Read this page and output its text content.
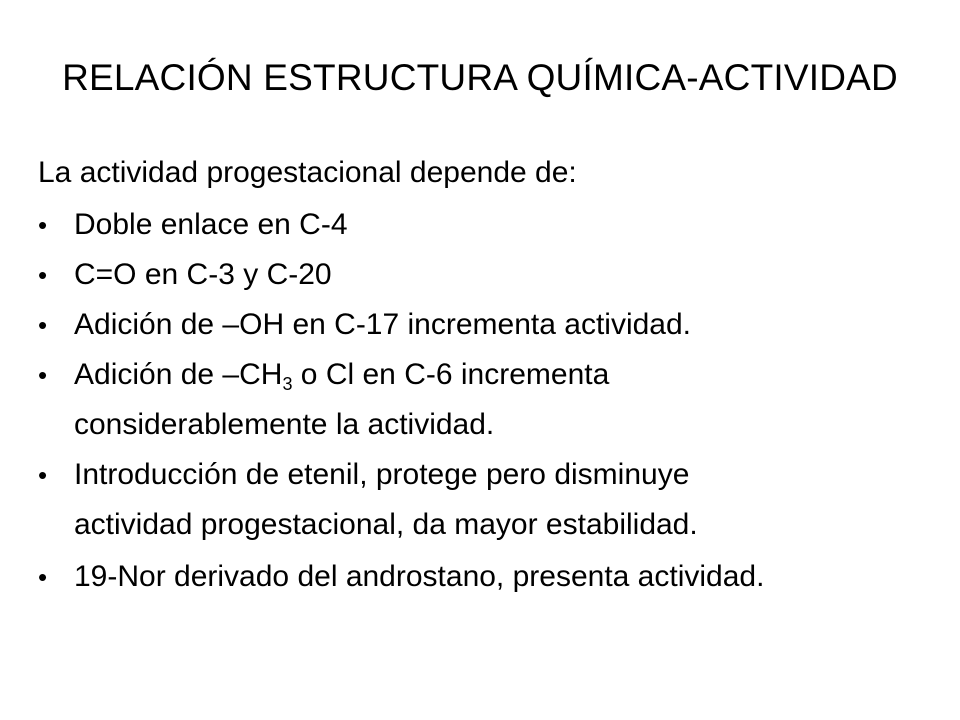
RELACIÓN ESTRUCTURA QUÍMICA-ACTIVIDAD
La actividad progestacional depende de:
• Doble enlace en C-4
• C=O en C-3 y C-20
• Adición de –OH en C-17 incrementa actividad.
• Adición de $-CH_3$ o Cl en C-6 incrementa
considerablemente la actividad.
• Introducción de etenil, protege pero disminuye
actividad progestacional, da mayor estabilidad.
• 19-Nor derivado del androstano, presenta actividad.
